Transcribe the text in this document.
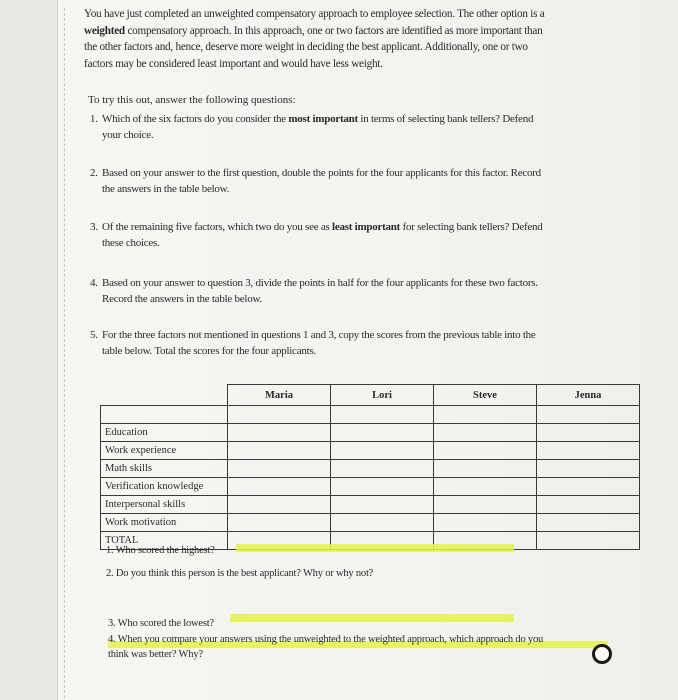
You have just completed an unweighted compensatory approach to employee selection. The other option is a
weighted compensatory approach. In this approach, one or two factors are identified as more important than
the other factors and, hence, deserve more weight in deciding the best applicant. Additionally, one or two
factors may be considered least important and would have less weight.
To try this out, answer the following questions:
1. Which of the six factors do you consider the most important in terms of selecting bank tellers? Defend
your choice.
2. Based on your answer to the first question, double the points for the four applicants for this factor. Record
the answers in the table below.
3. Of the remaining five factors, which two do you see as least important for selecting bank tellers? Defend
these choices.
4. Based on your answer to question 3, divide the points in half for the four applicants for these two factors.
Record the answers in the table below.
5. For the three factors not mentioned in questions 1 and 3, copy the scores from the previous table into the
table below. Total the scores for the four applicants.
	Maria	Lori	Steve	Jenna

Education				
Work experience				
Math skills				
Verification knowledge				
Interpersonal skills				
Work motivation				
TOTAL				
1. Who scored the highest?
2. Do you think this person is the best applicant? Why or why not?
3. Who scored the lowest?
4. When you compare your answers using the unweighted to the weighted approach, which approach do you
think was better? Why?
